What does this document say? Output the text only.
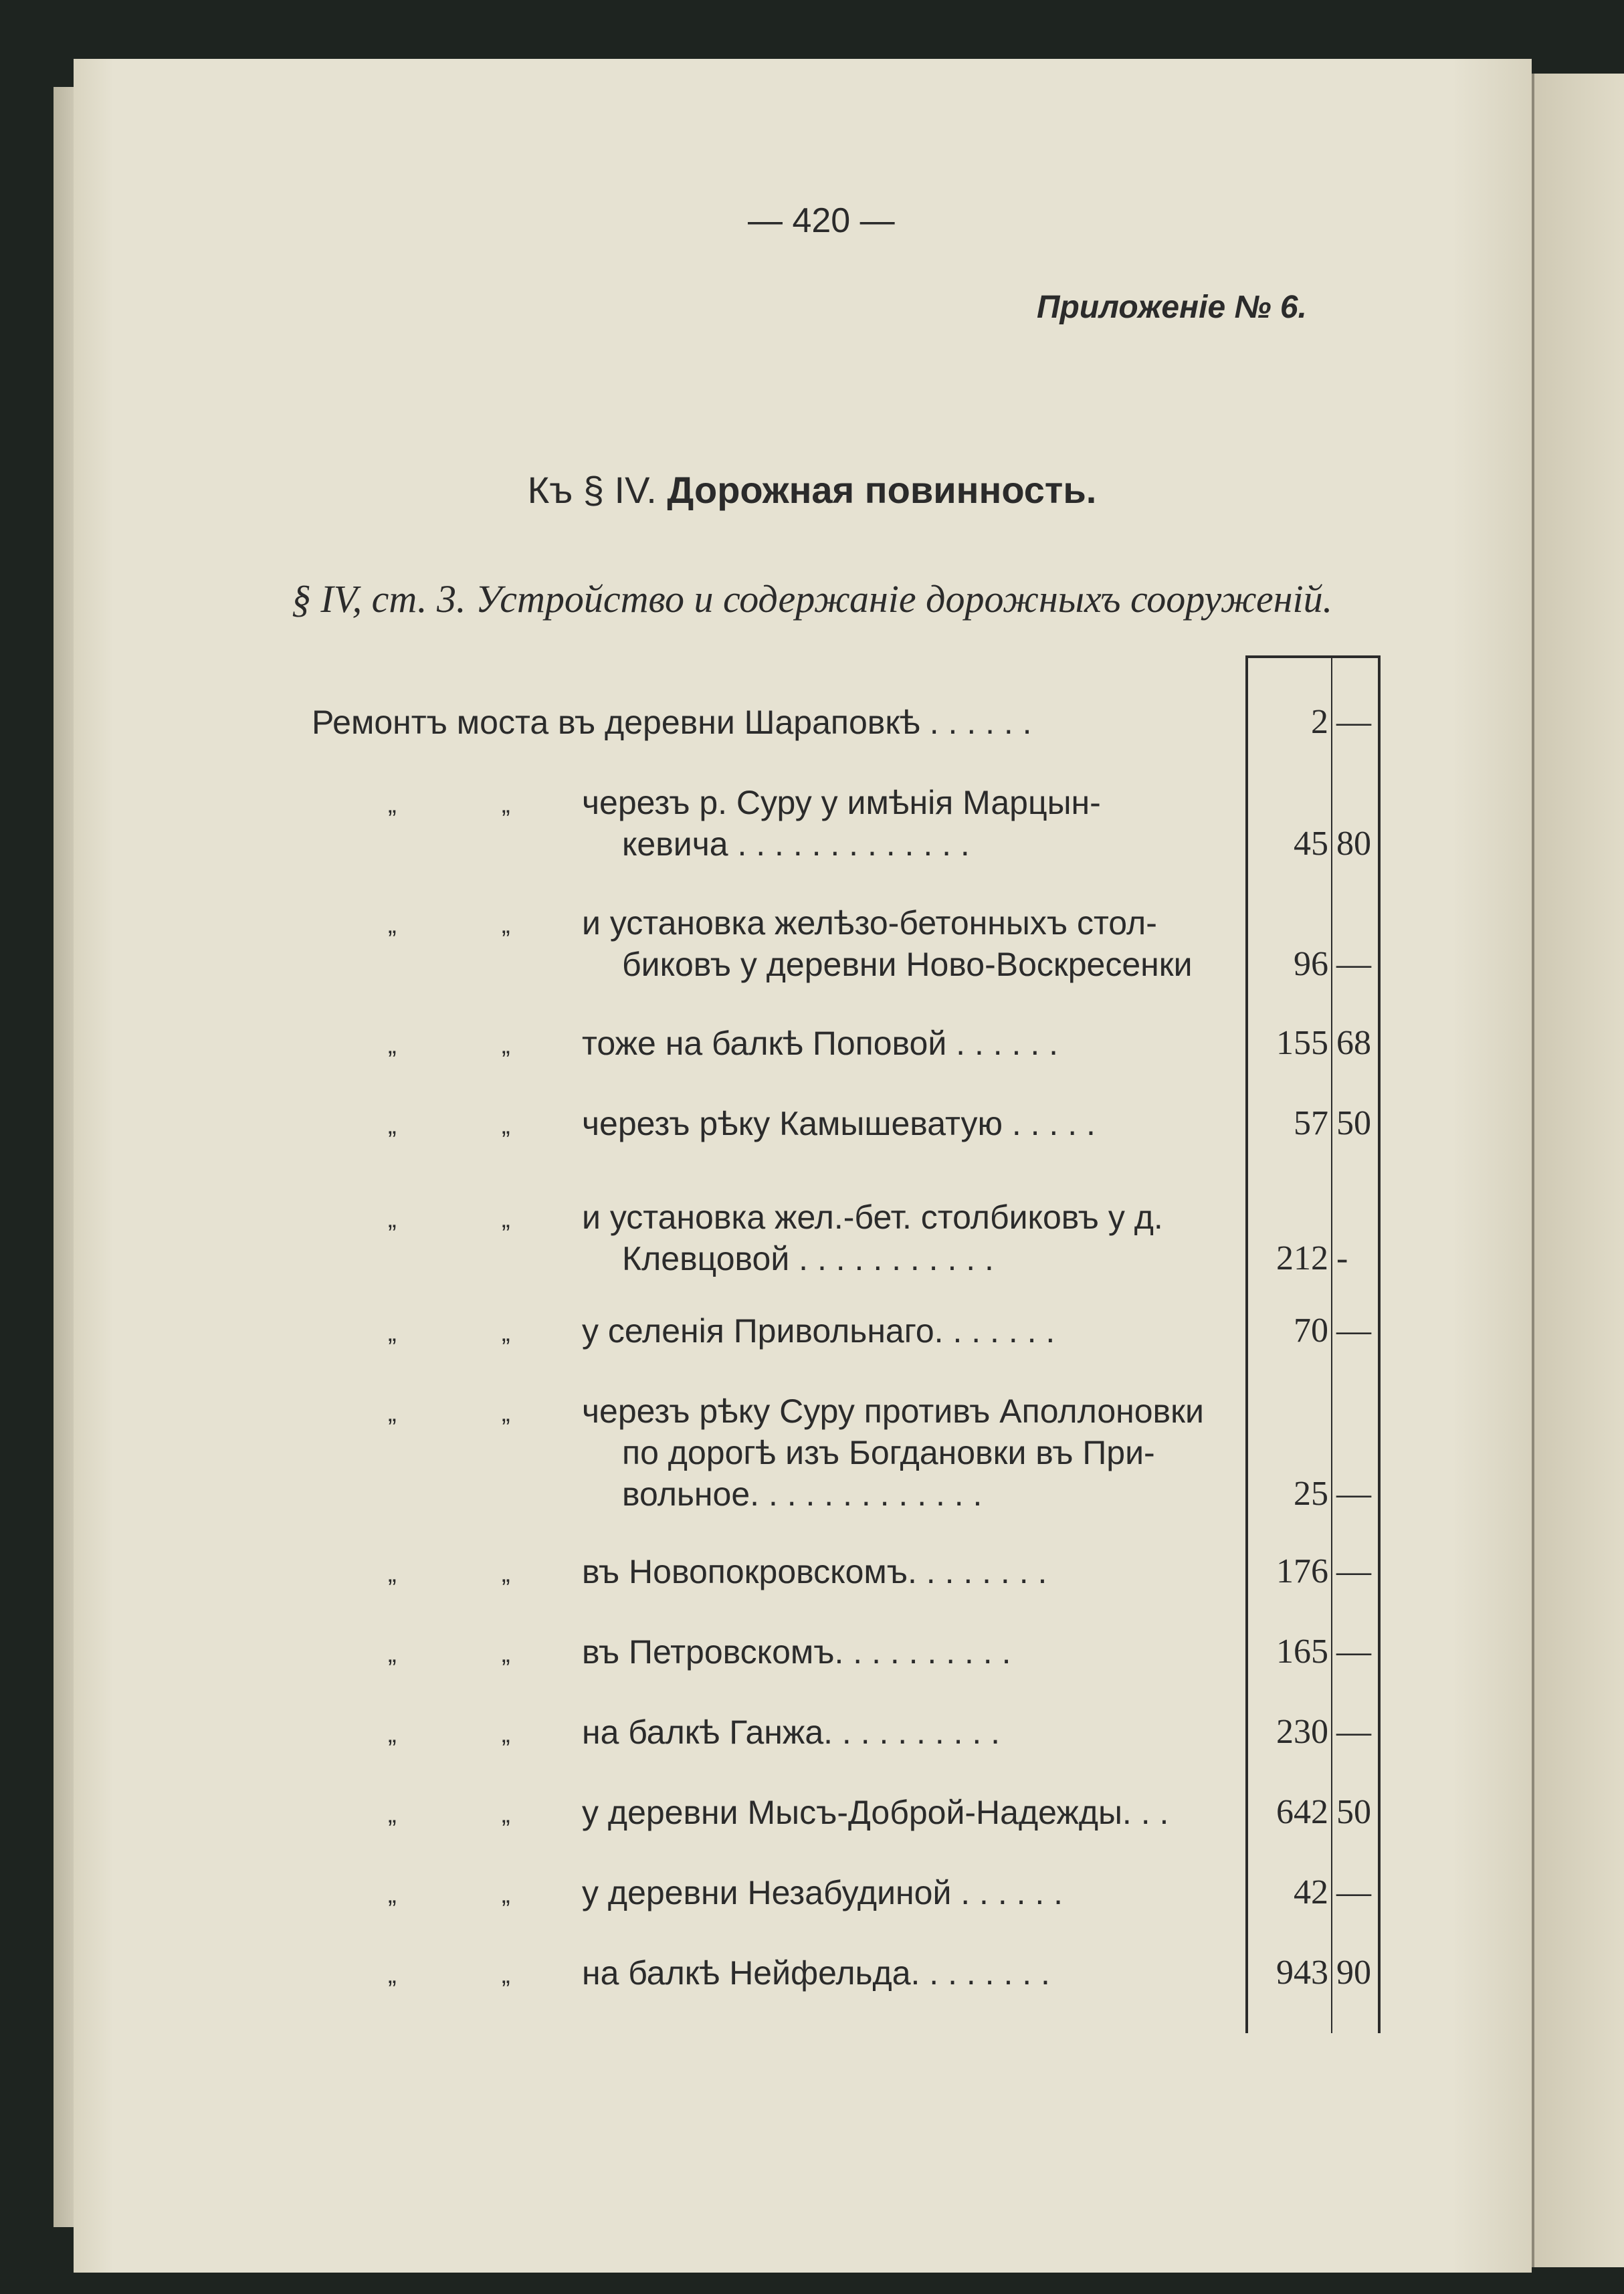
— 420 —
Приложенiе № 6.
Къ § IV. Дорожная повинность.
§ IV, ст. 3. Устройство и содержанiе дорожныхъ сооруженiй.
Ремонтъ моста въ деревни Шараповкѣ . . . . . .	2 —
„	„ черезъ р. Суру у имѣнiя Марцын-
кевича . . . . . . . . . . . . .	45 80
„	„ и установка желѣзо-бетонныхъ стол-
биковъ у деревни Ново-Воскресенки	96 —
„	„ тоже на балкѣ Поповой . . . . . .	155 68
„	„ черезъ рѣку Камышеватую . . . . .	57 50
„	„ и установка жел.-бет. столбиковъ у д.
Клевцовой . . . . . . . . . . .	212 -
„	„ у селенiя Привольнаго. . . . . . .	70 —
„	„ черезъ рѣку Суру противъ Аполлоновки
по дорогѣ изъ Богдановки въ При-
вольное. . . . . . . . . . . . .	25 —
„	„ въ Новопокровскомъ. . . . . . . .	176 —
„	„ въ Петровскомъ. . . . . . . . . .	165 —
„	„ на балкѣ Ганжа. . . . . . . . . .	230 —
„	„ у деревни Мысъ-Доброй-Надежды. . .	642 50
„	„ у деревни Незабудиной . . . . . .	42 —
„	„ на балкѣ Нейфельда. . . . . . . .	943 90
